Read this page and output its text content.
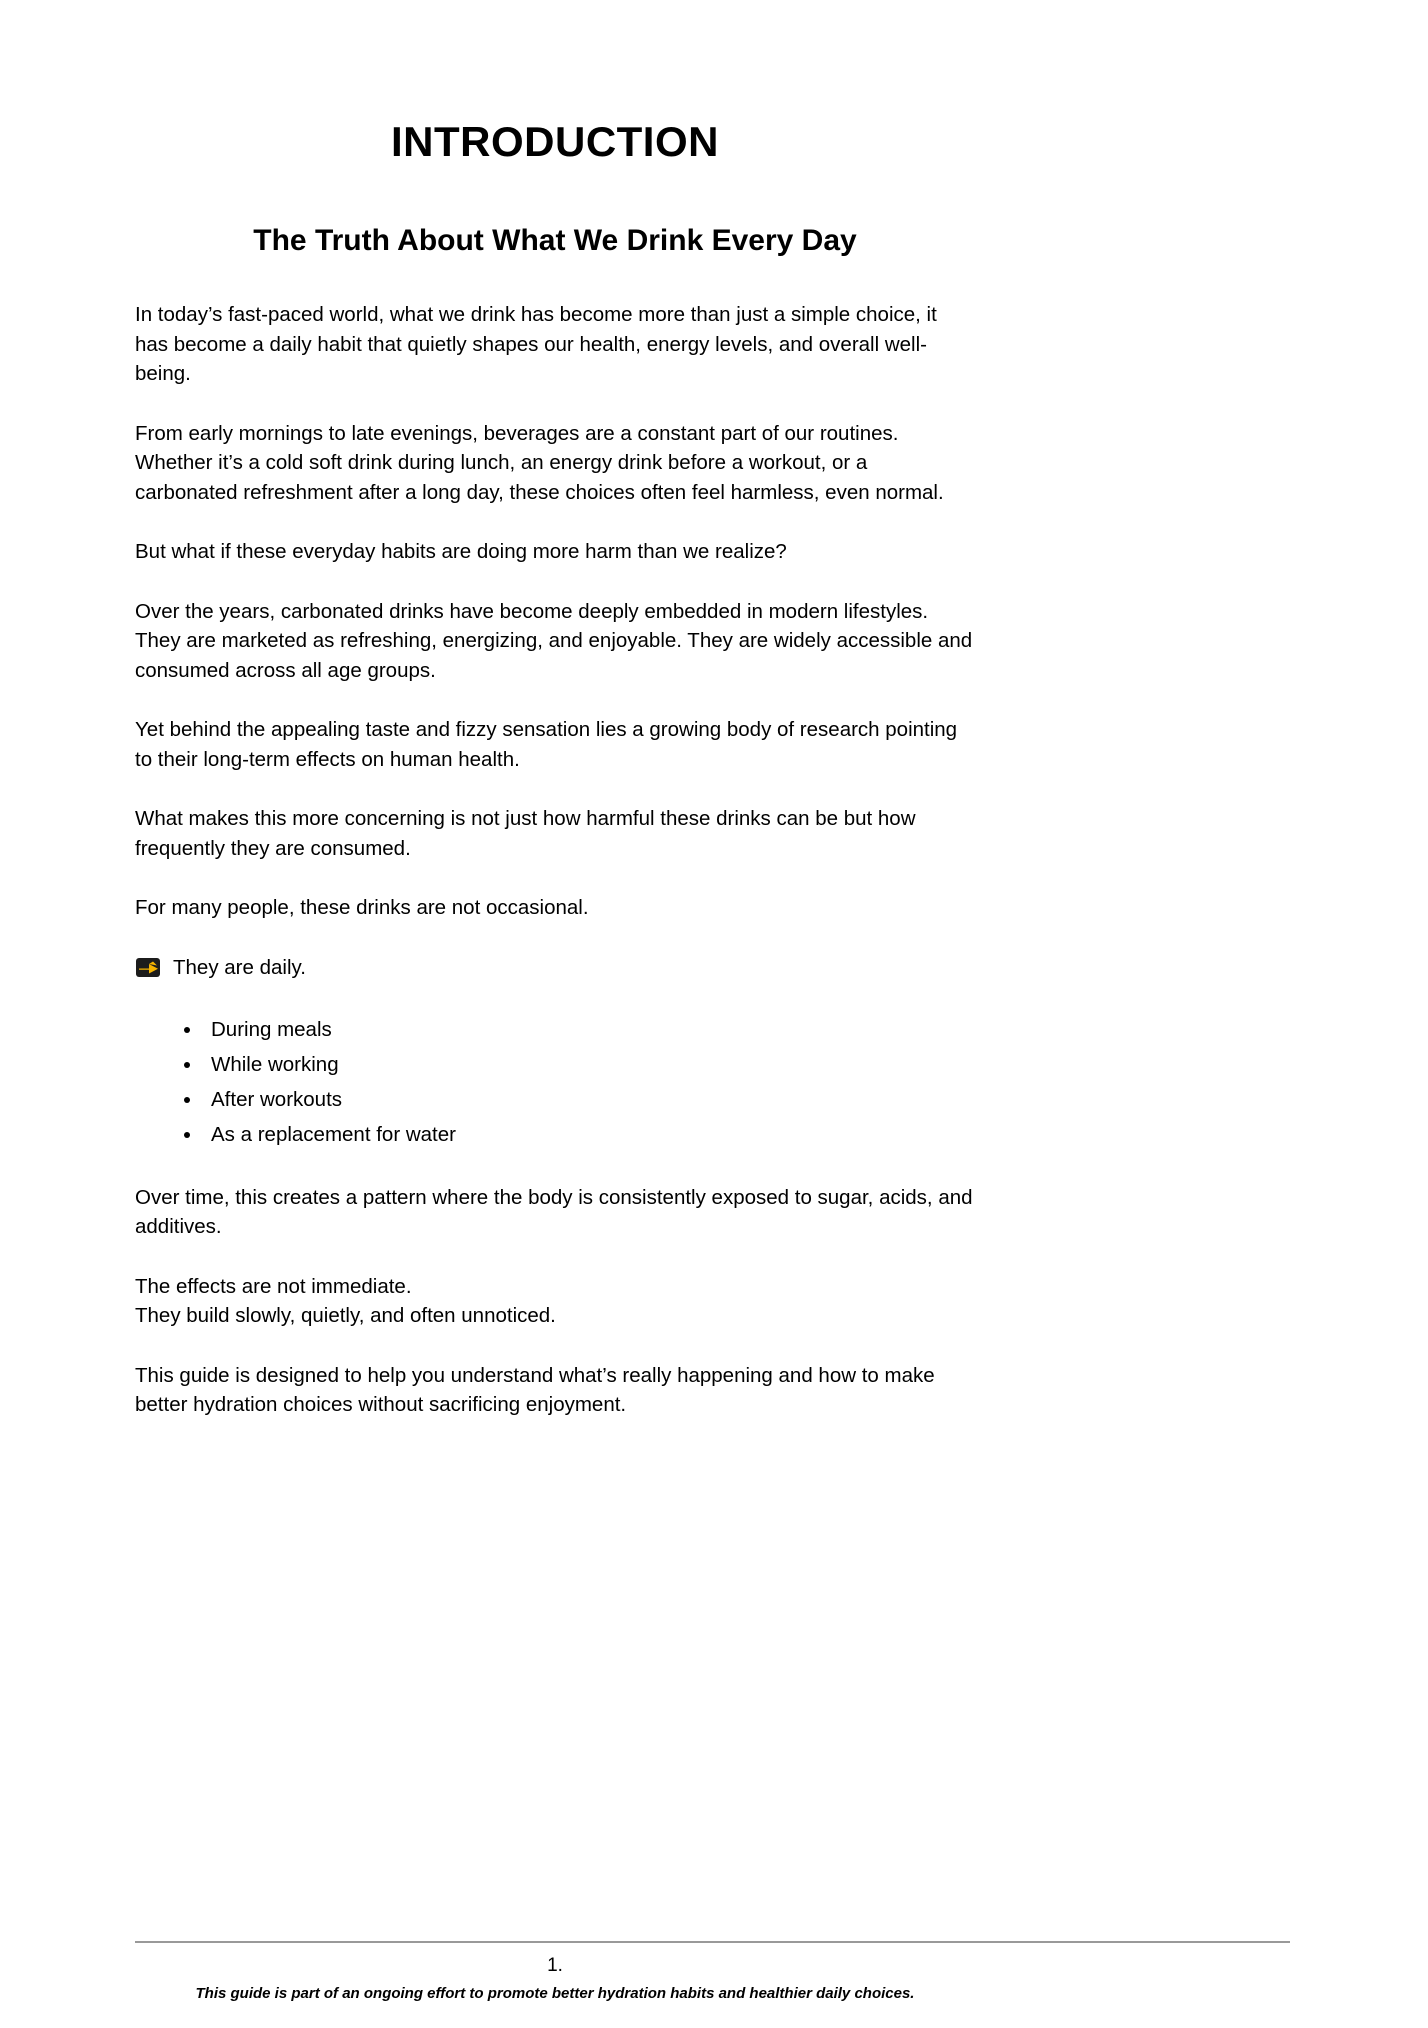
INTRODUCTION
The Truth About What We Drink Every Day

In today’s fast-paced world, what we drink has become more than just a simple choice, it has become a daily habit that quietly shapes our health, energy levels, and overall well-being.

From early mornings to late evenings, beverages are a constant part of our routines. Whether it’s a cold soft drink during lunch, an energy drink before a workout, or a carbonated refreshment after a long day, these choices often feel harmless, even normal.

But what if these everyday habits are doing more harm than we realize?

Over the years, carbonated drinks have become deeply embedded in modern lifestyles. They are marketed as refreshing, energizing, and enjoyable. They are widely accessible and consumed across all age groups.

Yet behind the appealing taste and fizzy sensation lies a growing body of research pointing to their long-term effects on human health.

What makes this more concerning is not just how harmful these drinks can be but how frequently they are consumed.

For many people, these drinks are not occasional.

They are daily.
• During meals
• While working
• After workouts
• As a replacement for water

Over time, this creates a pattern where the body is consistently exposed to sugar, acids, and additives.

The effects are not immediate.
They build slowly, quietly, and often unnoticed.

This guide is designed to help you understand what’s really happening and how to make better hydration choices without sacrificing enjoyment.

1.
This guide is part of an ongoing effort to promote better hydration habits and healthier daily choices.
